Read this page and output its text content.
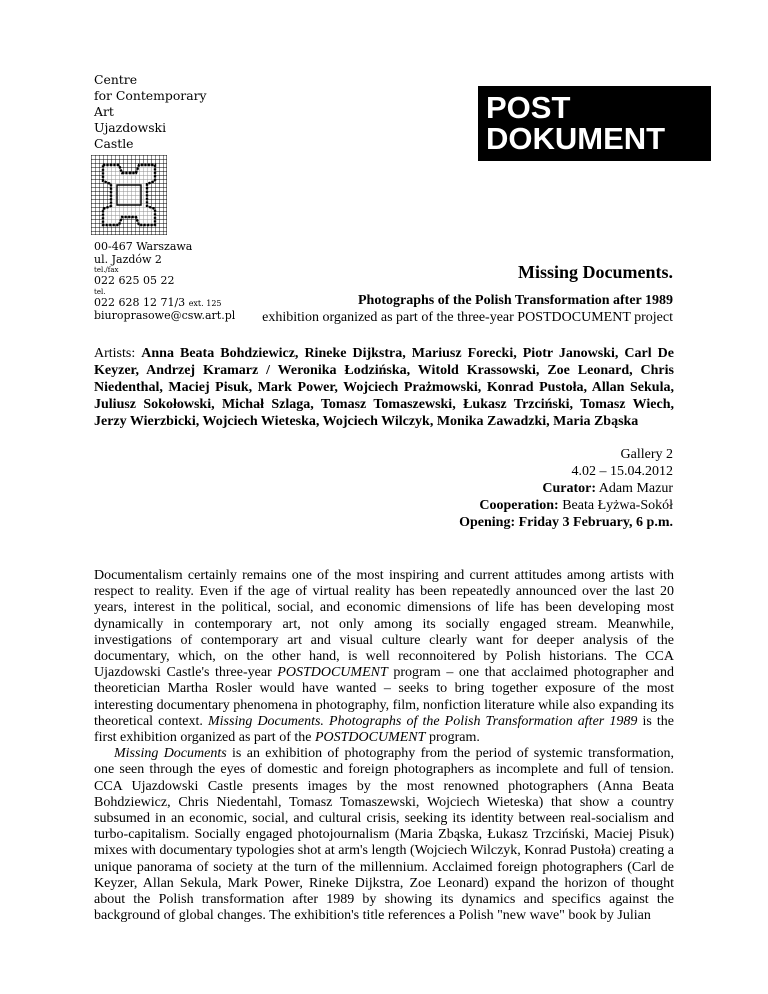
Centre
for Contemporary
Art
Ujazdowski
Castle
00-467 Warszawa
ul. Jazdów 2
tel./fax
022 625 05 22
tel.
022 628 12 71/3 ext. 125
biuroprasowe@csw.art.pl
POST
DOKUMENT
Missing Documents.
Photographs of the Polish Transformation after 1989
exhibition organized as part of the three-year POSTDOCUMENT project
Artists: Anna Beata Bohdziewicz, Rineke Dijkstra, Mariusz Forecki, Piotr Janowski, Carl De Keyzer, Andrzej Kramarz / Weronika Łodzińska, Witold Krassowski, Zoe Leonard, Chris Niedenthal, Maciej Pisuk, Mark Power, Wojciech Prażmowski, Konrad Pustoła, Allan Sekula, Juliusz Sokołowski, Michał Szlaga, Tomasz Tomaszewski, Łukasz Trzciński, Tomasz Wiech, Jerzy Wierzbicki, Wojciech Wieteska, Wojciech Wilczyk, Monika Zawadzki, Maria Zbąska
Gallery 2
4.02 – 15.04.2012
Curator: Adam Mazur
Cooperation: Beata Łyżwa-Sokół
Opening: Friday 3 February, 6 p.m.

Documentalism certainly remains one of the most inspiring and current attitudes among artists with respect to reality. Even if the age of virtual reality has been repeatedly announced over the last 20 years, interest in the political, social, and economic dimensions of life has been developing most dynamically in contemporary art, not only among its socially engaged stream. Meanwhile, investigations of contemporary art and visual culture clearly want for deeper analysis of the documentary, which, on the other hand, is well reconnoitered by Polish historians. The CCA Ujazdowski Castle's three-year POSTDOCUMENT program – one that acclaimed photographer and theoretician Martha Rosler would have wanted – seeks to bring together exposure of the most interesting documentary phenomena in photography, film, nonfiction literature while also expanding its theoretical context. Missing Documents. Photographs of the Polish Transformation after 1989 is the first exhibition organized as part of the POSTDOCUMENT program.

Missing Documents is an exhibition of photography from the period of systemic transformation, one seen through the eyes of domestic and foreign photographers as incomplete and full of tension. CCA Ujazdowski Castle presents images by the most renowned photographers (Anna Beata Bohdziewicz, Chris Niedentahl, Tomasz Tomaszewski, Wojciech Wieteska) that show a country subsumed in an economic, social, and cultural crisis, seeking its identity between real-socialism and turbo-capitalism. Socially engaged photojournalism (Maria Zbąska, Łukasz Trzciński, Maciej Pisuk) mixes with documentary typologies shot at arm's length (Wojciech Wilczyk, Konrad Pustoła) creating a unique panorama of society at the turn of the millennium. Acclaimed foreign photographers (Carl de Keyzer, Allan Sekula, Mark Power, Rineke Dijkstra, Zoe Leonard) expand the horizon of thought about the Polish transformation after 1989 by showing its dynamics and specifics against the background of global changes. The exhibition's title references a Polish "new wave" book by Julian
